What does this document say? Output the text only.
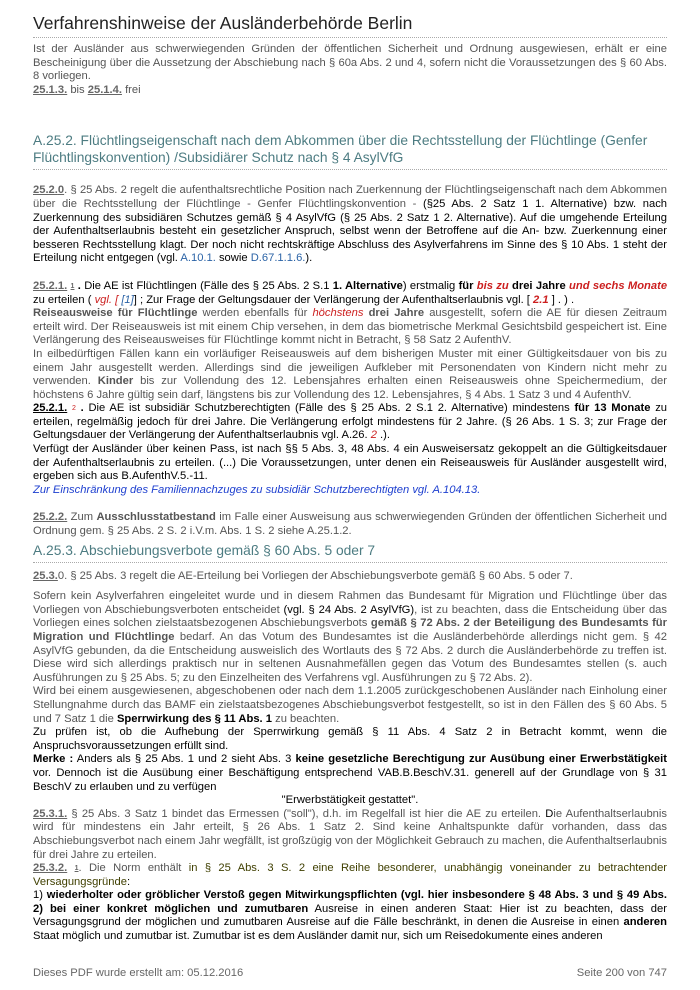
Verfahrenshinweise der Ausländerbehörde Berlin

Ist der Ausländer aus schwerwiegenden Gründen der öffentlichen Sicherheit und Ordnung ausgewiesen, erhält er eine Bescheinigung über die Aussetzung der Abschiebung nach § 60a Abs. 2 und 4, sofern nicht die Voraussetzungen des § 60 Abs. 8 vorliegen.
25.1.3. bis 25.1.4. frei

A.25.2. Flüchtlingseigenschaft nach dem Abkommen über die Rechtsstellung der Flüchtlinge (Genfer Flüchtlingskonvention) /Subsidiärer Schutz nach § 4 AsylVfG

25.2.0. § 25 Abs. 2 regelt die aufenthaltsrechtliche Position nach Zuerkennung der Flüchtlingseigenschaft nach dem Abkommen über die Rechtsstellung der Flüchtlinge - Genfer Flüchtlingskonvention - (§25 Abs. 2 Satz 1 1. Alternative) bzw. nach Zuerkennung des subsidiären Schutzes gemäß § 4 AsylVfG (§ 25 Abs. 2 Satz 1 2. Alternative). Auf die umgehende Erteilung der Aufenthaltserlaubnis besteht ein gesetzlicher Anspruch, selbst wenn der Betroffene auf die An- bzw. Zuerkennung einer besseren Rechtsstellung klagt. Der noch nicht rechtskräftige Abschluss des Asylverfahrens im Sinne des § 10 Abs. 1 steht der Erteilung nicht entgegen (vgl. A.10.1. sowie D.67.1.1.6.).

25.2.1. 1 . Die AE ist Flüchtlingen (Fälle des § 25 Abs. 2 S.1 1. Alternative) erstmalig für bis zu drei Jahre und sechs Monate zu erteilen ( vgl. [ [1]] ; Zur Frage der Geltungsdauer der Verlängerung der Aufenthaltserlaubnis vgl. [ 2.1 ] . ) .
Reiseausweise für Flüchtlinge werden ebenfalls für höchstens drei Jahre ausgestellt, sofern die AE für diesen Zeitraum erteilt wird. Der Reiseausweis ist mit einem Chip versehen, in dem das biometrische Merkmal Gesichtsbild gespeichert ist. Eine Verlängerung des Reiseausweises für Flüchtlinge kommt nicht in Betracht, § 58 Satz 2 AufenthV.

In eilbedürftigen Fällen kann ein vorläufiger Reiseausweis auf dem bisherigen Muster mit einer Gültigkeitsdauer von bis zu einem Jahr ausgestellt werden. Allerdings sind die jeweiligen Aufkleber mit Personendaten von Kindern nicht mehr zu verwenden. Kinder bis zur Vollendung des 12. Lebensjahres erhalten einen Reiseausweis ohne Speichermedium, der höchstens 6 Jahre gültig sein darf, längstens bis zur Vollendung des 12. Lebensjahres, § 4 Abs. 1 Satz 3 und 4 AufenthV.

25.2.1. 2 . Die AE ist subsidiär Schutzberechtigten (Fälle des § 25 Abs. 2 S.1 2. Alternative) mindestens für 13 Monate zu erteilen, regelmäßig jedoch für drei Jahre. Die Verlängerung erfolgt mindestens für 2 Jahre. (§ 26 Abs. 1 S. 3; zur Frage der Geltungsdauer der Verlängerung der Aufenthaltserlaubnis vgl. A.26. 2 .).

Verfügt der Ausländer über keinen Pass, ist nach §§ 5 Abs. 3, 48 Abs. 4 ein Ausweisersatz gekoppelt an die Gültigkeitsdauer der Aufenthaltserlaubnis zu erteilen. (...) Die Voraussetzungen, unter denen ein Reiseausweis für Ausländer ausgestellt wird, ergeben sich aus B.AufenthV.5.-11.

Zur Einschränkung des Familiennachzuges zu subsidiär Schutzberechtigten vgl. A.104.13.

25.2.2. Zum Ausschlusstatbestand im Falle einer Ausweisung aus schwerwiegenden Gründen der öffentlichen Sicherheit und Ordnung gem. § 25 Abs. 2 S. 2 i.V.m. Abs. 1 S. 2 siehe A.25.1.2.

A.25.3. Abschiebungsverbote gemäß § 60 Abs. 5 oder 7

25.3.0. § 25 Abs. 3 regelt die AE-Erteilung bei Vorliegen der Abschiebungsverbote gemäß § 60 Abs. 5 oder 7.

Sofern kein Asylverfahren eingeleitet wurde und in diesem Rahmen das Bundesamt für Migration und Flüchtlinge über das Vorliegen von Abschiebungsverboten entscheidet (vgl. § 24 Abs. 2 AsylVfG), ist zu beachten, dass die Entscheidung über das Vorliegen eines solchen zielstaatsbezogenen Abschiebungsverbots gemäß § 72 Abs. 2 der Beteiligung des Bundesamts für Migration und Flüchtlinge bedarf. An das Votum des Bundesamtes ist die Ausländerbehörde allerdings nicht gem. § 42 AsylVfG gebunden, da die Entscheidung ausweislich des Wortlauts des § 72 Abs. 2 durch die Ausländerbehörde zu treffen ist. Diese wird sich allerdings praktisch nur in seltenen Ausnahmefällen gegen das Votum des Bundesamtes stellen (s. auch Ausführungen zu § 25 Abs. 5; zu den Einzelheiten des Verfahrens vgl. Ausführungen zu § 72 Abs. 2).

Wird bei einem ausgewiesenen, abgeschobenen oder nach dem 1.1.2005 zurückgeschobenen Ausländer nach Einholung einer Stellungnahme durch das BAMF ein zielstaatsbezogenes Abschiebungsverbot festgestellt, so ist in den Fällen des § 60 Abs. 5 und 7 Satz 1 die Sperrwirkung des § 11 Abs. 1 zu beachten.

Zu prüfen ist, ob die Aufhebung der Sperrwirkung gemäß § 11 Abs. 4 Satz 2 in Betracht kommt, wenn die Anspruchsvoraussetzungen erfüllt sind.

Merke : Anders als § 25 Abs. 1 und 2 sieht Abs. 3 keine gesetzliche Berechtigung zur Ausübung einer Erwerbstätigkeit vor. Dennoch ist die Ausübung einer Beschäftigung entsprechend VAB.B.BeschV.31. generell auf der Grundlage von § 31 BeschV zu erlauben und zu verfügen

"Erwerbstätigkeit gestattet".

25.3.1. § 25 Abs. 3 Satz 1 bindet das Ermessen ("soll"), d.h. im Regelfall ist hier die AE zu erteilen. Die Aufenthaltserlaubnis wird für mindestens ein Jahr erteilt, § 26 Abs. 1 Satz 2. Sind keine Anhaltspunkte dafür vorhanden, dass das Abschiebungsverbot nach einem Jahr wegfällt, ist großzügig von der Möglichkeit Gebrauch zu machen, die Aufenthaltserlaubnis für drei Jahre zu erteilen.

25.3.2. 1. Die Norm enthält in § 25 Abs. 3 S. 2 eine Reihe besonderer, unabhängig voneinander zu betrachtender Versagungsgründe:

1) wiederholter oder gröblicher Verstoß gegen Mitwirkungspflichten (vgl. hier insbesondere § 48 Abs. 3 und § 49 Abs. 2) bei einer konkret möglichen und zumutbaren Ausreise in einen anderen Staat: Hier ist zu beachten, dass der Versagungsgrund der möglichen und zumutbaren Ausreise auf die Fälle beschränkt, in denen die Ausreise in einen anderen Staat möglich und zumutbar ist. Zumutbar ist es dem Ausländer damit nur, sich um Reisedokumente eines anderen

Dieses PDF wurde erstellt am: 05.12.2016	Seite 200 von 747
